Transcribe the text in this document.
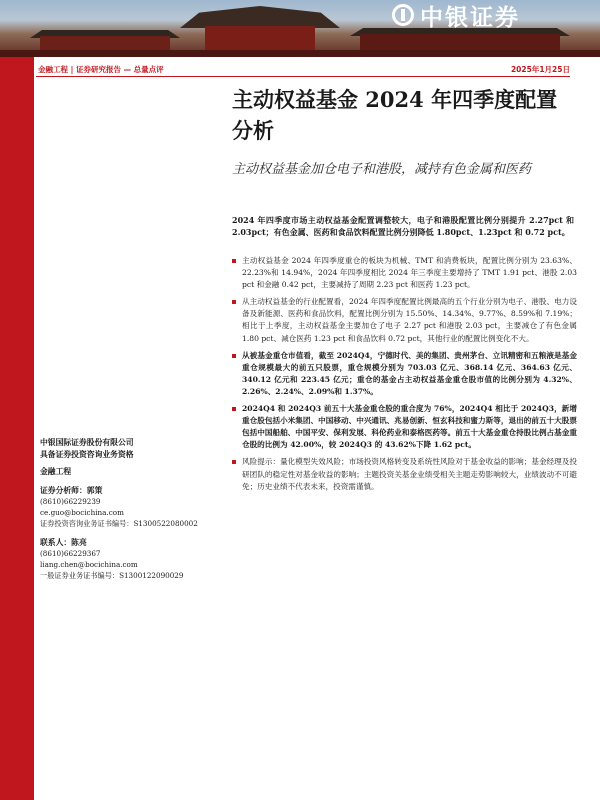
中银证券
金融工程 | 证券研究报告 — 总量点评	2025年1月25日
主动权益基金 2024 年四季度配置分析
主动权益基金加仓电子和港股，减持有色金属和医药
2024 年四季度市场主动权益基金配置调整较大，电子和港股配置比例分别提升 2.27pct 和 2.03pct；有色金属、医药和食品饮料配置比例分别降低 1.80pct、1.23pct 和 0.72 pct。
主动权益基金 2024 年四季度重仓的板块为机械、TMT 和消费板块，配置比例分别为 23.63%、22.23%和 14.94%，2024 年四季度相比 2024 年三季度主要增持了 TMT 1.91 pct、港股 2.03 pct 和金融 0.42 pct，主要减持了周期 2.23 pct 和医药 1.23 pct。
从主动权益基金的行业配置看，2024 年四季度配置比例最高的五个行业分别为电子、港股、电力设备及新能源、医药和食品饮料，配置比例分别为 15.50%、14.34%、9.77%、8.59%和 7.19%；相比于上季度，主动权益基金主要加仓了电子 2.27 pct 和港股 2.03 pct，主要减仓了有色金属 1.80 pct、减仓医药 1.23 pct 和食品饮料 0.72 pct，其他行业的配置比例变化不大。
从被基金重仓市值看，截至 2024Q4，宁德时代、美的集团、贵州茅台、立讯精密和五粮液是基金重仓规模最大的前五只股票，重仓规模分别为 703.03 亿元、368.14 亿元、364.63 亿元、340.12 亿元和 223.45 亿元；重仓的基金占主动权益基金重仓股市值的比例分别为 4.32%、2.26%、2.24%、2.09%和 1.37%。
2024Q4 和 2024Q3 前五十大基金重仓股的重合度为 76%，2024Q4 相比于 2024Q3，新增重仓股包括小米集团、中国移动、中兴通讯、兆易创新、恒玄科技和蜜力斯等，退出的前五十大股票包括中国船舶、中国平安、保利发展、科伦药业和泰格医药等。前五十大基金重仓持股比例占基金重仓股的比例为 42.00%，较 2024Q3 的 43.62%下降 1.62 pct。
风险提示：量化模型失效风险；市场投资风格转变及系统性风险对于基金收益的影响；基金经理及投研团队的稳定性对基金收益的影响；主题投资关基金业绩受相关主题走势影响较大，业绩波动不可避免；历史业绩不代表未来，投资需谨慎。
中银国际证券股份有限公司
具备证券投资咨询业务资格
金融工程
证券分析师：郭策
(8610)66229239
ce.guo@bocichina.com
证券投资咨询业务证书编号：S1300522080002
联系人：陈亮
(8610)66229367
liang.chen@bocichina.com
一般证券业务证书编号：S1300122090029
